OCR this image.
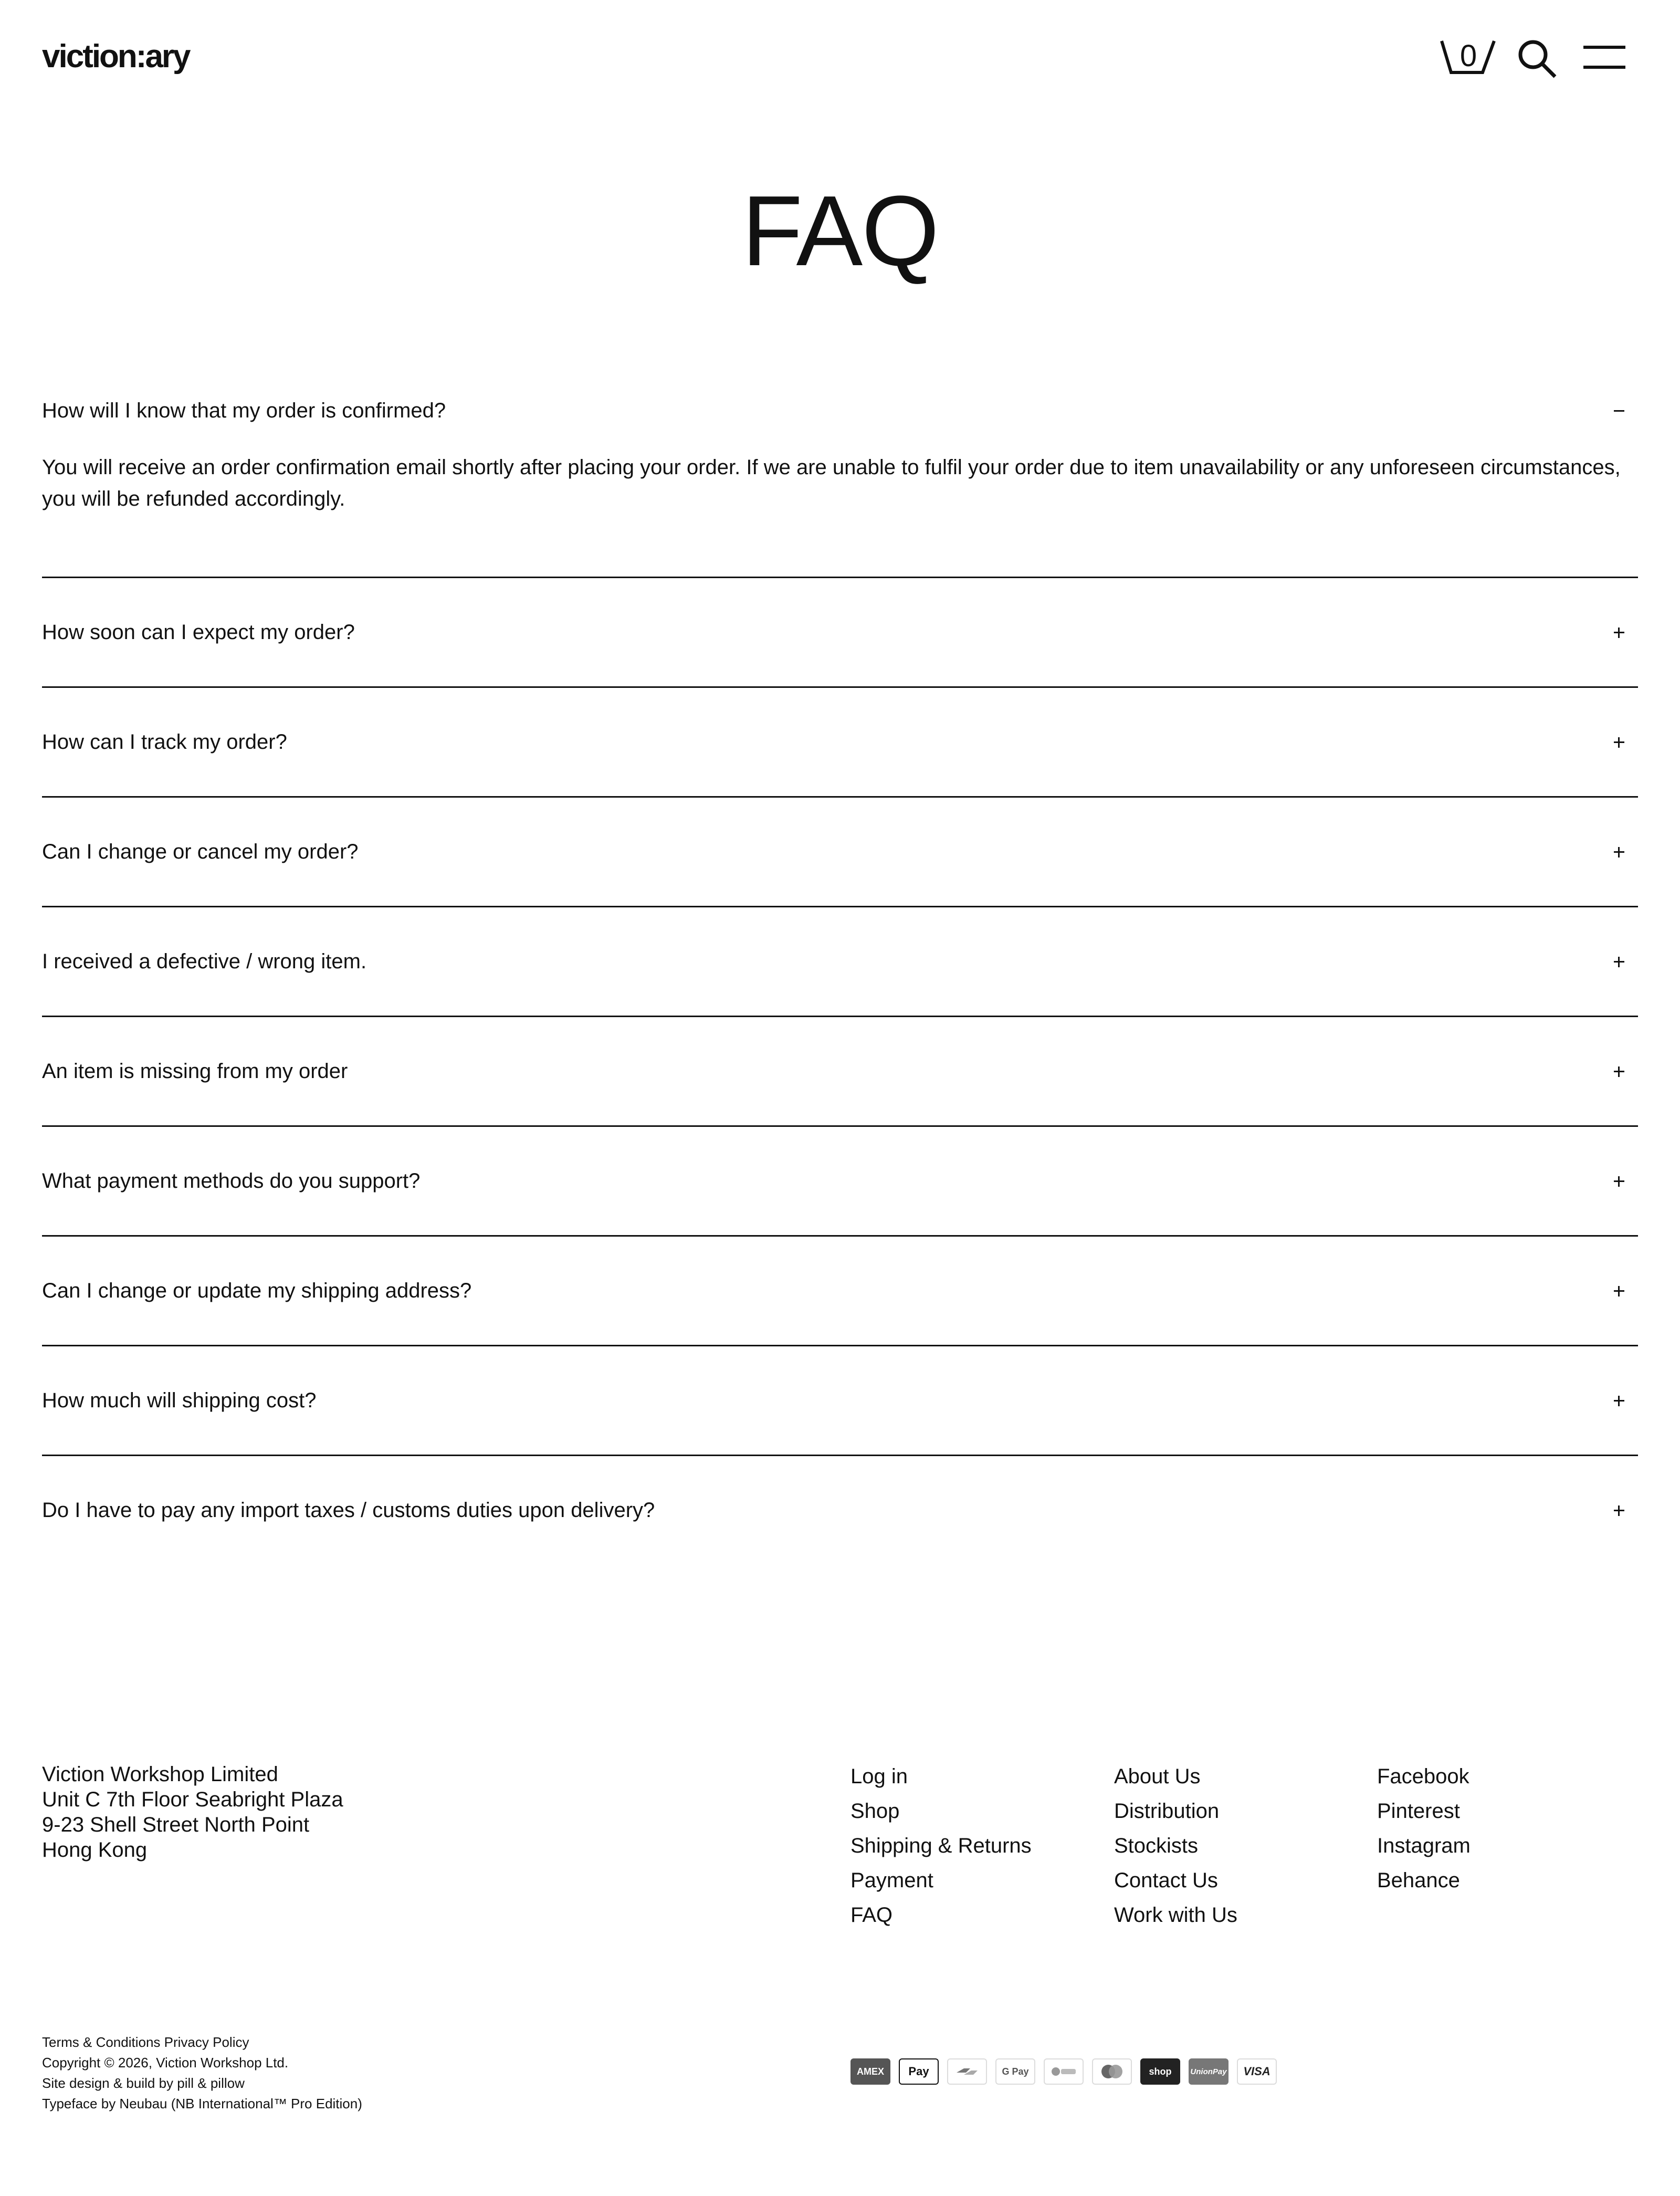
viction:ary	0
FAQ
How will I know that my order is confirmed?
You will receive an order confirmation email shortly after placing your order. If we are unable to fulfil your order due to item unavailability or any unforeseen circumstances, you will be refunded accordingly.
How soon can I expect my order?
How can I track my order?
Can I change or cancel my order?
I received a defective / wrong item.
An item is missing from my order
What payment methods do you support?
Can I change or update my shipping address?
How much will shipping cost?
Do I have to pay any import taxes / customs duties upon delivery?
Viction Workshop Limited
Unit C 7th Floor Seabright Plaza
9-23 Shell Street North Point
Hong Kong
Log in
Shop
Shipping & Returns
Payment
FAQ
About Us
Distribution
Stockists
Contact Us
Work with Us
Facebook
Pinterest
Instagram
Behance
Terms & Conditions Privacy Policy
Copyright © 2026, Viction Workshop Ltd.
Site design & build by pill & pillow
Typeface by Neubau (NB International™ Pro Edition)
AMEX	Pay	G Pay	shop	UnionPay	VISA
